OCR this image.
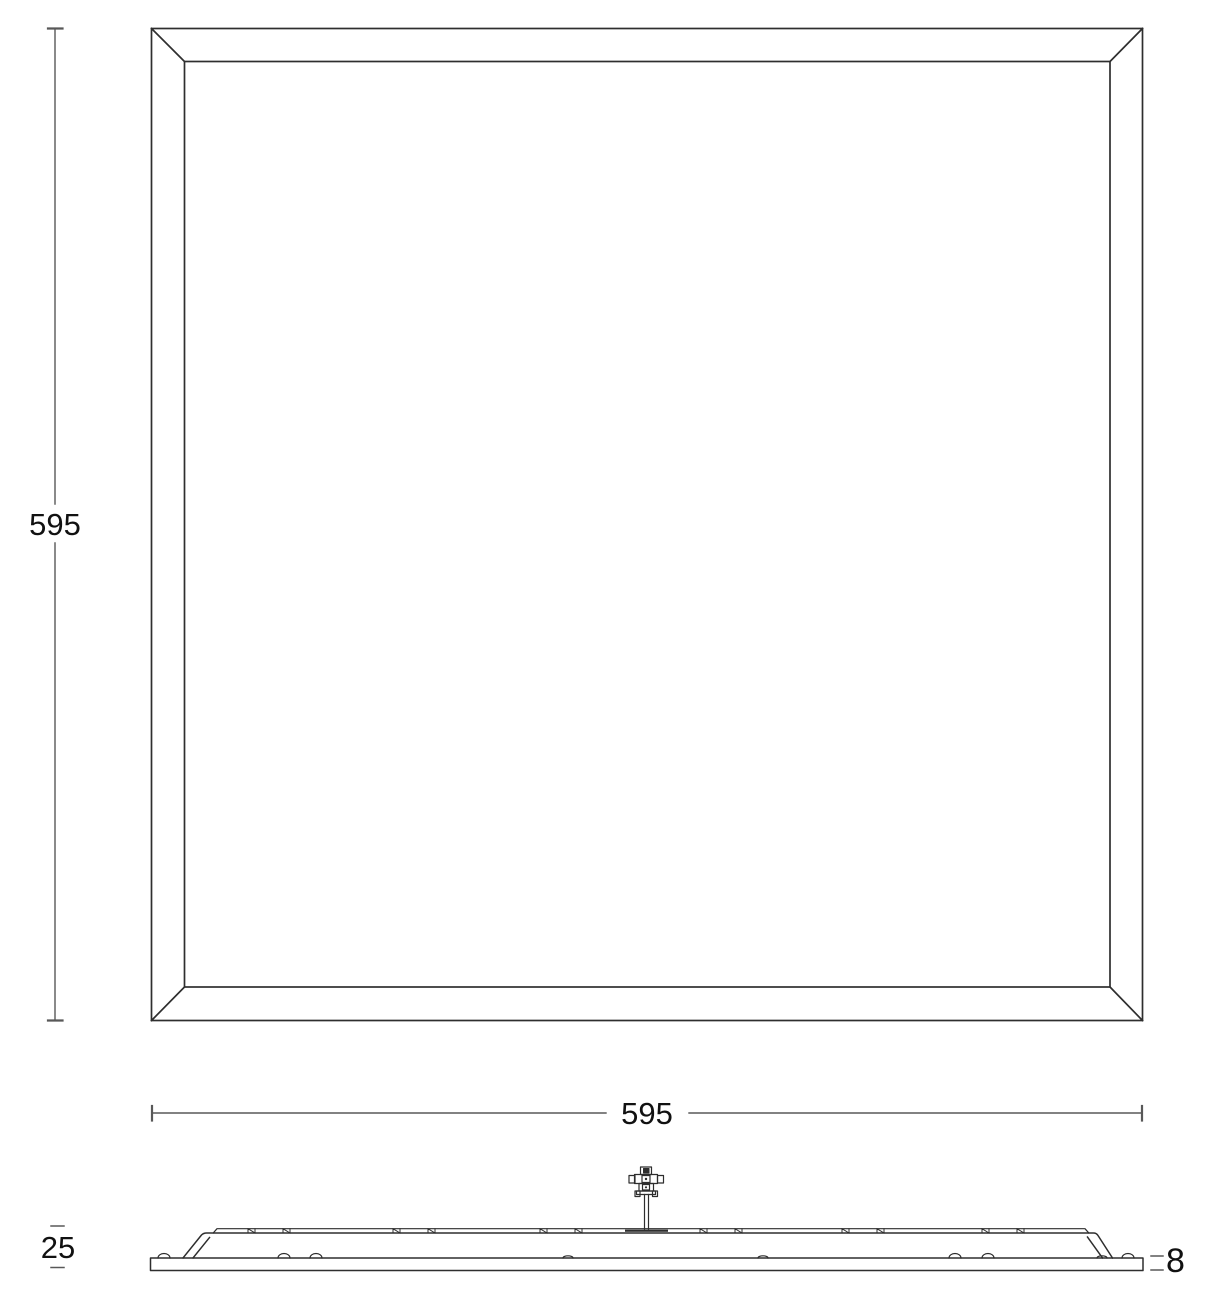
595
595
25	8
